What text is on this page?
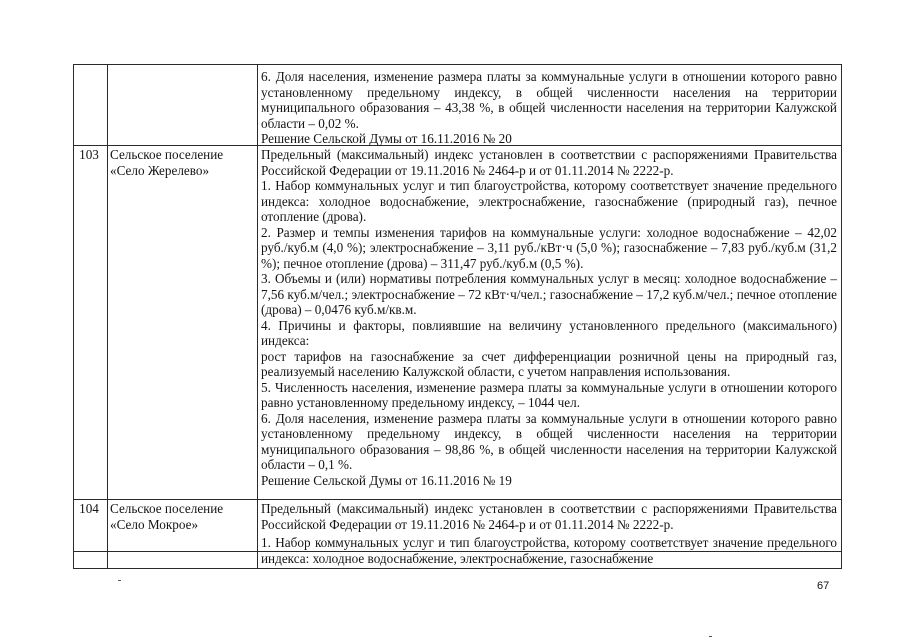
6. Доля населения, изменение размера платы за коммунальные услуги в отношении которого равно установленному предельному индексу, в общей численности населения на территории муниципального образования – 43,38 %, в общей численности населения на территории Калужской области – 0,02 %.

Решение Сельской Думы от 16.11.2016 № 20

103 Сельское поселение «Село Жерелево»

Предельный (максимальный) индекс установлен в соответствии с распоряжениями Правительства Российской Федерации от 19.11.2016 № 2464-р и от 01.11.2014 № 2222-р.

1. Набор коммунальных услуг и тип благоустройства, которому соответствует значение предельного индекса: холодное водоснабжение, электроснабжение, газоснабжение (природный газ), печное отопление (дрова).

2. Размер и темпы изменения тарифов на коммунальные услуги: холодное водоснабжение – 42,02 руб./куб.м (4,0 %); электроснабжение – 3,11 руб./кВт·ч (5,0 %); газоснабжение – 7,83 руб./куб.м (31,2 %); печное отопление (дрова) – 311,47 руб./куб.м (0,5 %).

3. Объемы и (или) нормативы потребления коммунальных услуг в месяц: холодное водоснабжение – 7,56 куб.м/чел.; электроснабжение – 72 кВт·ч/чел.; газоснабжение – 17,2 куб.м/чел.; печное отопление (дрова) – 0,0476 куб.м/кв.м.

4. Причины и факторы, повлиявшие на величину установленного предельного (максимального) индекса:

рост тарифов на газоснабжение за счет дифференциации розничной цены на природный газ, реализуемый населению Калужской области, с учетом направления использования.

5. Численность населения, изменение размера платы за коммунальные услуги в отношении которого равно установленному предельному индексу, – 1044 чел.

6. Доля населения, изменение размера платы за коммунальные услуги в отношении которого равно установленному предельному индексу, в общей численности населения на территории муниципального образования – 98,86 %, в общей численности населения на территории Калужской области – 0,1 %.

Решение Сельской Думы от 16.11.2016 № 19

104 Сельское поселение «Село Мокрое»

Предельный (максимальный) индекс установлен в соответствии с распоряжениями Правительства Российской Федерации от 19.11.2016 № 2464-р и от 01.11.2014 № 2222-р.

1. Набор коммунальных услуг и тип благоустройства, которому соответствует значение предельного индекса: холодное водоснабжение, электроснабжение, газоснабжение

67
